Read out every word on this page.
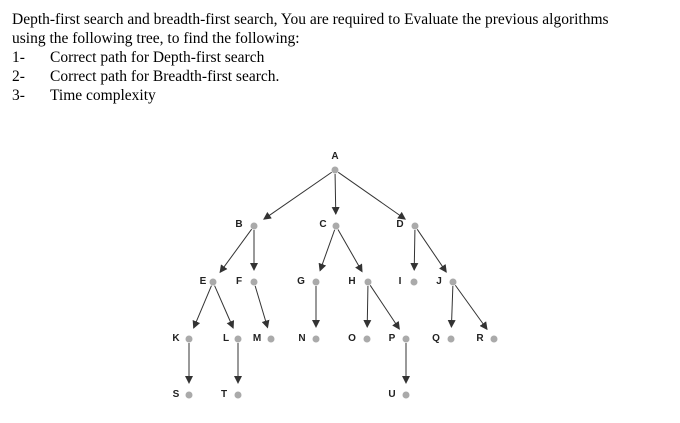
Depth-first search and breadth-first search, You are required to Evaluate the previous algorithms

using the following tree, to find the following:

1-	Correct path for Depth-first search
2-	Correct path for Breadth-first search.
3-	Time complexity
A
B	C	D
E	F	G	H	I	J
K	L M	N	O	P	Q	R
S	T	U
